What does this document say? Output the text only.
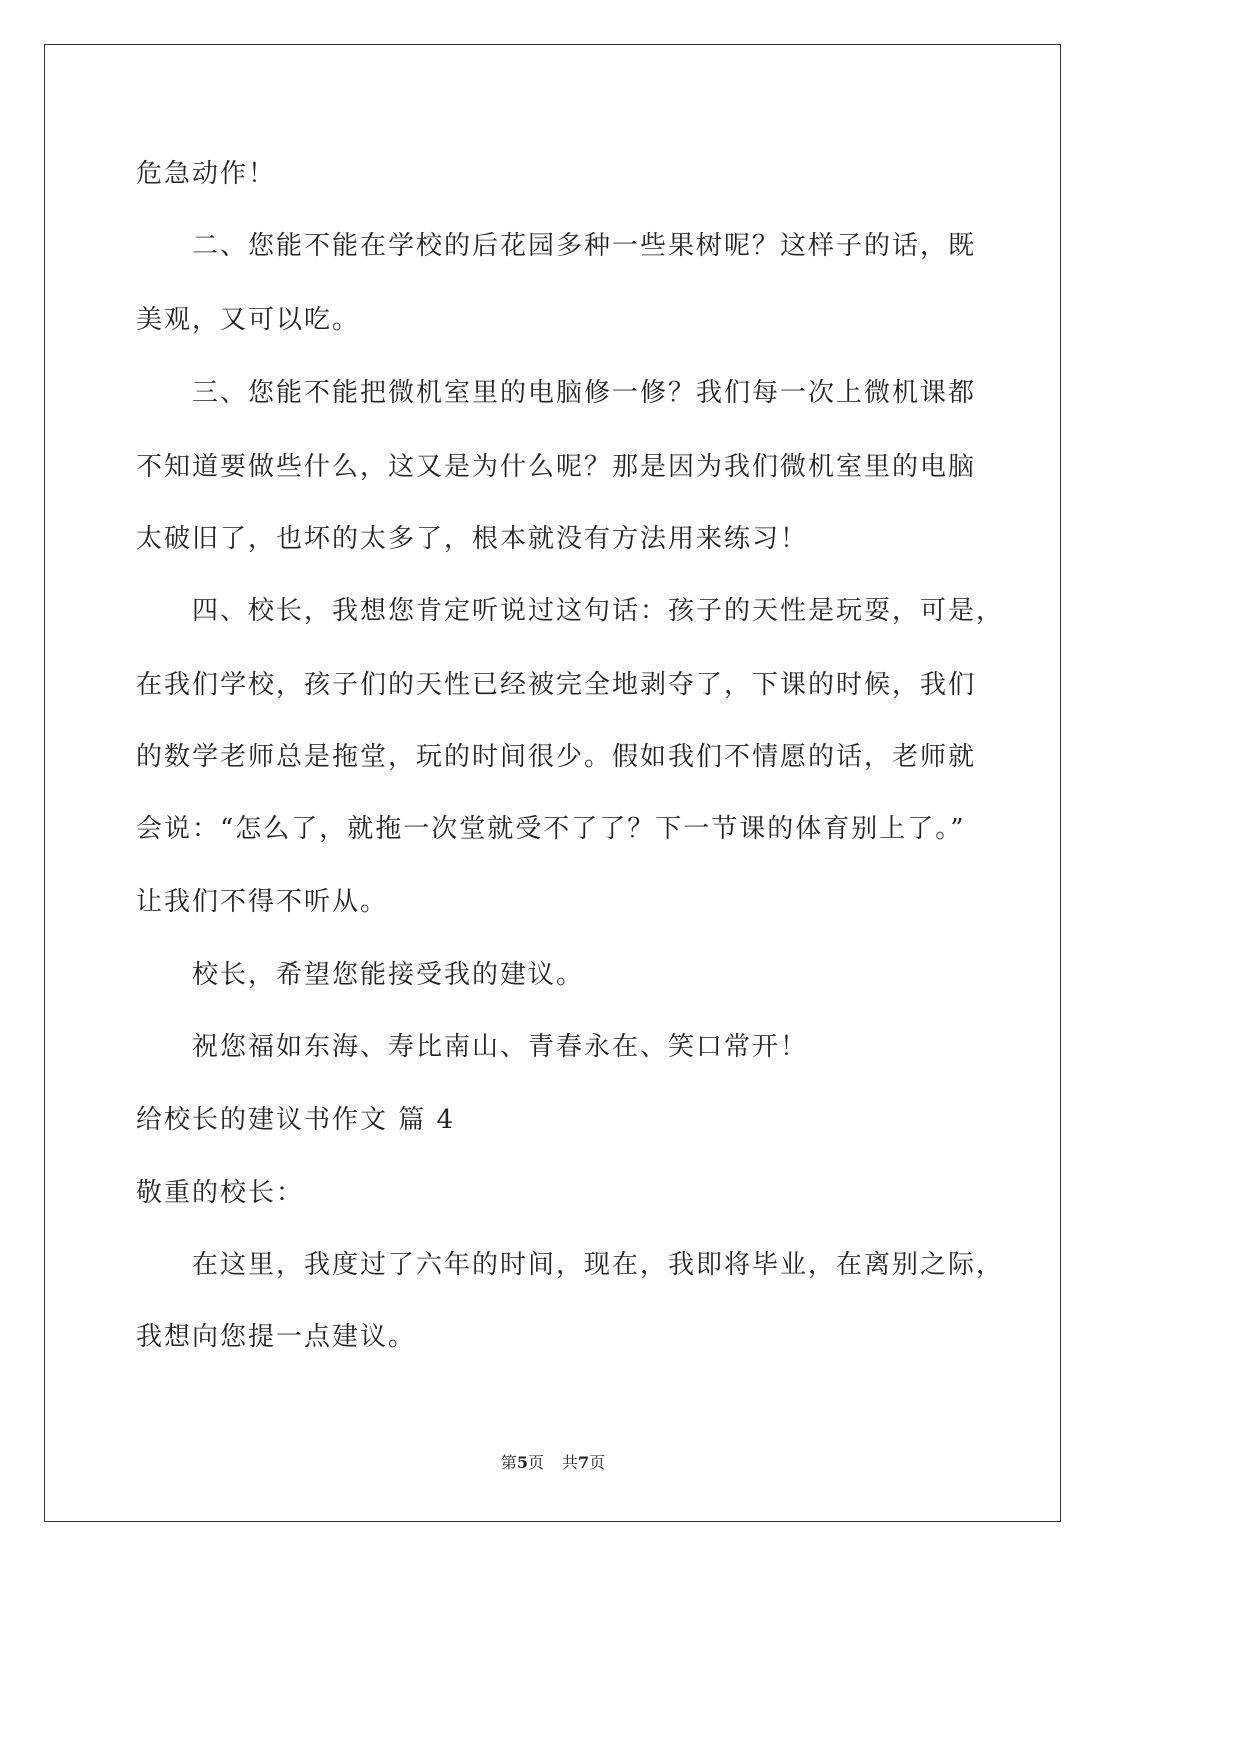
危急动作！
二、您能不能在学校的后花园多种一些果树呢？这样子的话，既
美观，又可以吃。
三、您能不能把微机室里的电脑修一修？我们每一次上微机课都
不知道要做些什么，这又是为什么呢？那是因为我们微机室里的电脑
太破旧了，也坏的太多了，根本就没有方法用来练习！
四、校长，我想您肯定听说过这句话：孩子的天性是玩耍，可是，
在我们学校，孩子们的天性已经被完全地剥夺了，下课的时候，我们
的数学老师总是拖堂，玩的时间很少。假如我们不情愿的话，老师就
会说：“怎么了，就拖一次堂就受不了了？下一节课的体育别上了。”
让我们不得不听从。
校长，希望您能接受我的建议。
祝您福如东海、寿比南山、青春永在、笑口常开！
给校长的建议书作文 篇 4
敬重的校长：
在这里，我度过了六年的时间，现在，我即将毕业，在离别之际，
我想向您提一点建议。
第5页 共7页
